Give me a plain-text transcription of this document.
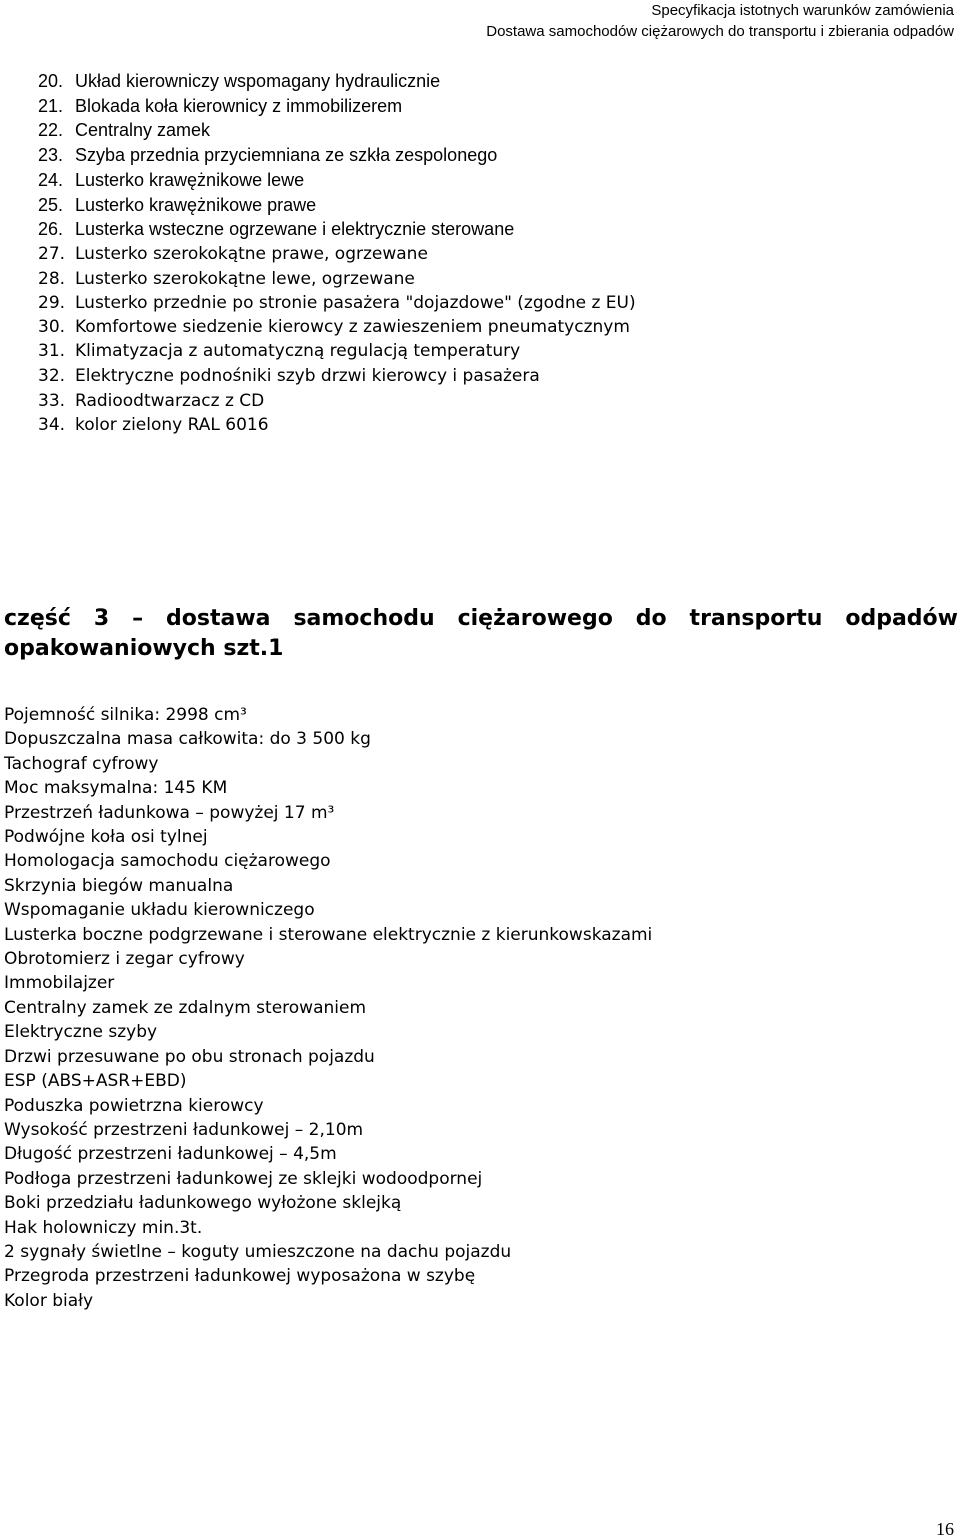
Specyfikacja istotnych warunków zamówienia
Dostawa samochodów ciężarowych do transportu i zbierania odpadów
20. Układ kierowniczy wspomagany hydraulicznie
21. Blokada koła kierownicy z immobilizerem
22. Centralny zamek
23. Szyba przednia przyciemniana ze szkła zespolonego
24. Lusterko krawężnikowe lewe
25. Lusterko krawężnikowe prawe
26. Lusterka wsteczne ogrzewane i elektrycznie sterowane
27. Lusterko szerokokątne prawe, ogrzewane
28. Lusterko szerokokątne lewe, ogrzewane
29. Lusterko przednie po stronie pasażera "dojazdowe" (zgodne z EU)
30. Komfortowe siedzenie kierowcy z zawieszeniem pneumatycznym
31. Klimatyzacja z automatyczną regulacją temperatury
32. Elektryczne podnośniki szyb drzwi kierowcy i pasażera
33. Radioodtwarzacz z CD
34. kolor zielony RAL 6016
część 3 – dostawa samochodu ciężarowego do transportu odpadów opakowaniowych szt.1
Pojemność silnika: 2998 cm³
Dopuszczalna masa całkowita: do 3 500 kg
Tachograf cyfrowy
Moc maksymalna: 145 KM
Przestrzeń ładunkowa – powyżej 17 m³
Podwójne koła osi tylnej
Homologacja samochodu ciężarowego
Skrzynia biegów manualna
Wspomaganie układu kierowniczego
Lusterka boczne podgrzewane i sterowane elektrycznie z kierunkowskazami
Obrotomierz i zegar cyfrowy
Immobilajzer
Centralny zamek ze zdalnym sterowaniem
Elektryczne szyby
Drzwi przesuwane po obu stronach pojazdu
ESP (ABS+ASR+EBD)
Poduszka powietrzna kierowcy
Wysokość przestrzeni ładunkowej – 2,10m
Długość przestrzeni ładunkowej – 4,5m
Podłoga przestrzeni ładunkowej ze sklejki wodoodpornej
Boki przedziału ładunkowego wyłożone sklejką
Hak holowniczy min.3t.
2 sygnały świetlne – koguty umieszczone na dachu pojazdu
Przegroda przestrzeni ładunkowej wyposażona w szybę
Kolor biały
16
